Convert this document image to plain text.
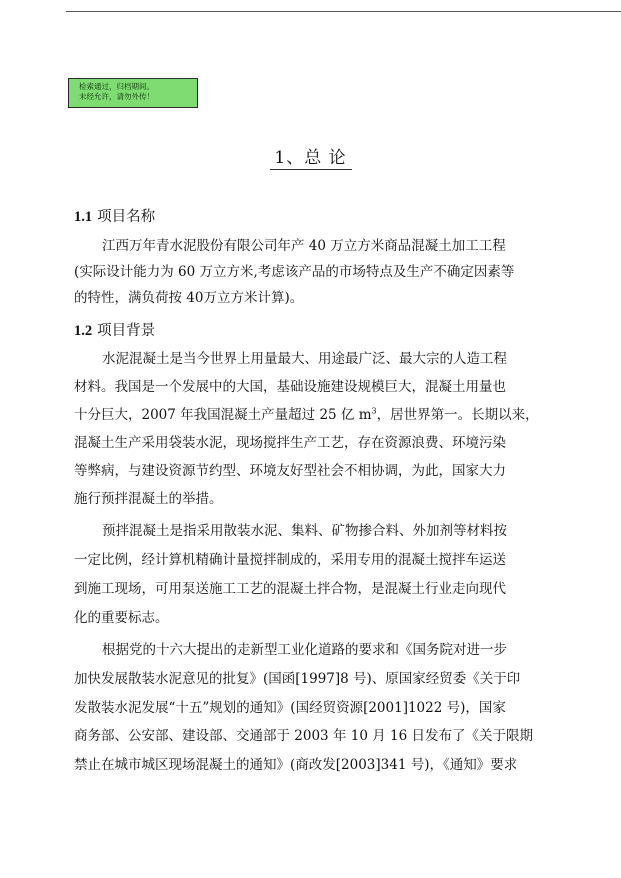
检索通过，归档期间。
未经允许，请勿外传！
1、总 论
1.1 项目名称
江西万年青水泥股份有限公司年产 40 万立方米商品混凝土加工工程
(实际设计能力为 60 万立方米,考虑该产品的市场特点及生产不确定因素等
的特性，满负荷按 40万立方米计算)。
1.2 项目背景
水泥混凝土是当今世界上用量最大、用途最广泛、最大宗的人造工程
材料。我国是一个发展中的大国，基础设施建设规模巨大，混凝土用量也
十分巨大，2007 年我国混凝土产量超过 25 亿 $m^3$，居世界第一。长期以来，
混凝土生产采用袋装水泥，现场搅拌生产工艺，存在资源浪费、环境污染
等弊病，与建设资源节约型、环境友好型社会不相协调，为此，国家大力
施行预拌混凝土的举措。
预拌混凝土是指采用散装水泥、集料、矿物掺合料、外加剂等材料按
一定比例，经计算机精确计量搅拌制成的，采用专用的混凝土搅拌车运送
到施工现场，可用泵送施工工艺的混凝土拌合物，是混凝土行业走向现代
化的重要标志。
根据党的十六大提出的走新型工业化道路的要求和《国务院对进一步
加快发展散装水泥意见的批复》(国函[1997]8 号)、原国家经贸委《关于印
发散装水泥发展“十五”规划的通知》(国经贸资源[2001]1022 号)，国家
商务部、公安部、建设部、交通部于 2003 年 10 月 16 日发布了《关于限期
禁止在城市城区现场混凝土的通知》(商改发[2003]341 号)，《通知》要求
